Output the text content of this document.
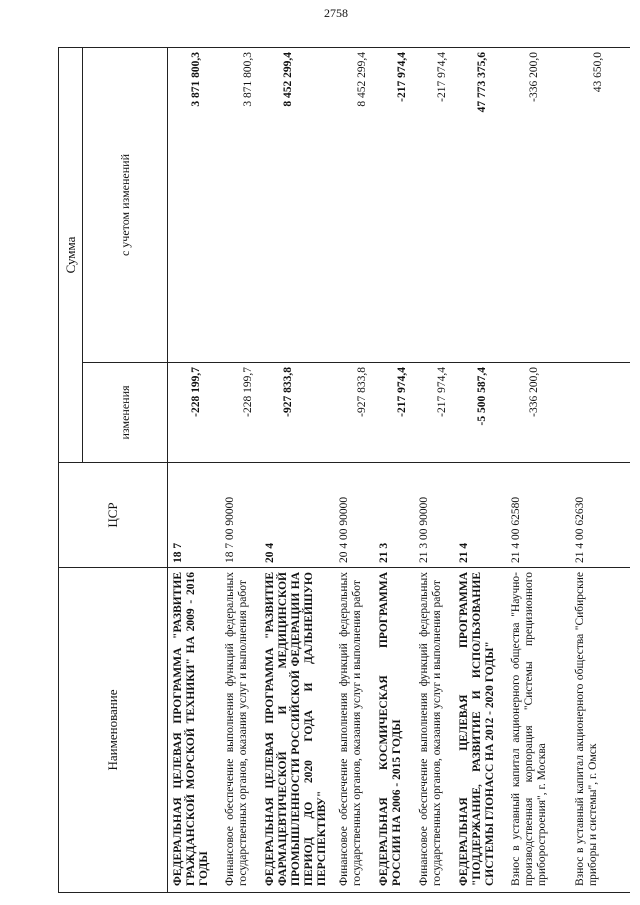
2758
Наименование	ЦСР	Сумма	
		изменения	с учетом изменений
ФЕДЕРАЛЬНАЯ ЦЕЛЕВАЯ ПРОГРАММА "РАЗВИТИЕ ГРАЖДАНСКОЙ МОРСКОЙ ТЕХНИКИ" НА 2009 - 2016 ГОДЫ	18 7	-228 199,7	3 871 800,3
Финансовое обеспечение выполнения функций федеральных государственных органов, оказания услуг и выполнения работ	18 7 00 90000	-228 199,7	3 871 800,3
ФЕДЕРАЛЬНАЯ ЦЕЛЕВАЯ ПРОГРАММА "РАЗВИТИЕ ФАРМАЦЕВТИЧЕСКОЙ И МЕДИЦИНСКОЙ ПРОМЫШЛЕННОСТИ РОССИЙСКОЙ ФЕДЕРАЦИИ НА ПЕРИОД ДО 2020 ГОДА И ДАЛЬНЕЙШУЮ ПЕРСПЕКТИВУ"	20 4	-927 833,8	8 452 299,4
Финансовое обеспечение выполнения функций федеральных государственных органов, оказания услуг и выполнения работ	20 4 00 90000	-927 833,8	8 452 299,4
ФЕДЕРАЛЬНАЯ КОСМИЧЕСКАЯ ПРОГРАММА РОССИИ НА 2006 - 2015 ГОДЫ	21 3	-217 974,4	-217 974,4
Финансовое обеспечение выполнения функций федеральных государственных органов, оказания услуг и выполнения работ	21 3 00 90000	-217 974,4	-217 974,4
ФЕДЕРАЛЬНАЯ ЦЕЛЕВАЯ ПРОГРАММА "ПОДДЕРЖАНИЕ, РАЗВИТИЕ И ИСПОЛЬЗОВАНИЕ СИСТЕМЫ ГЛОНАСС НА 2012 - 2020 ГОДЫ"	21 4	-5 500 587,4	47 773 375,6
Взнос в уставный капитал акционерного общества "Научно-производственная корпорация "Системы прецизионного приборостроения", г. Москва	21 4 00 62580	-336 200,0	-336 200,0
Взнос в уставный капитал акционерного общества "Сибирские приборы и системы", г. Омск	21 4 00 62630		43 650,0
